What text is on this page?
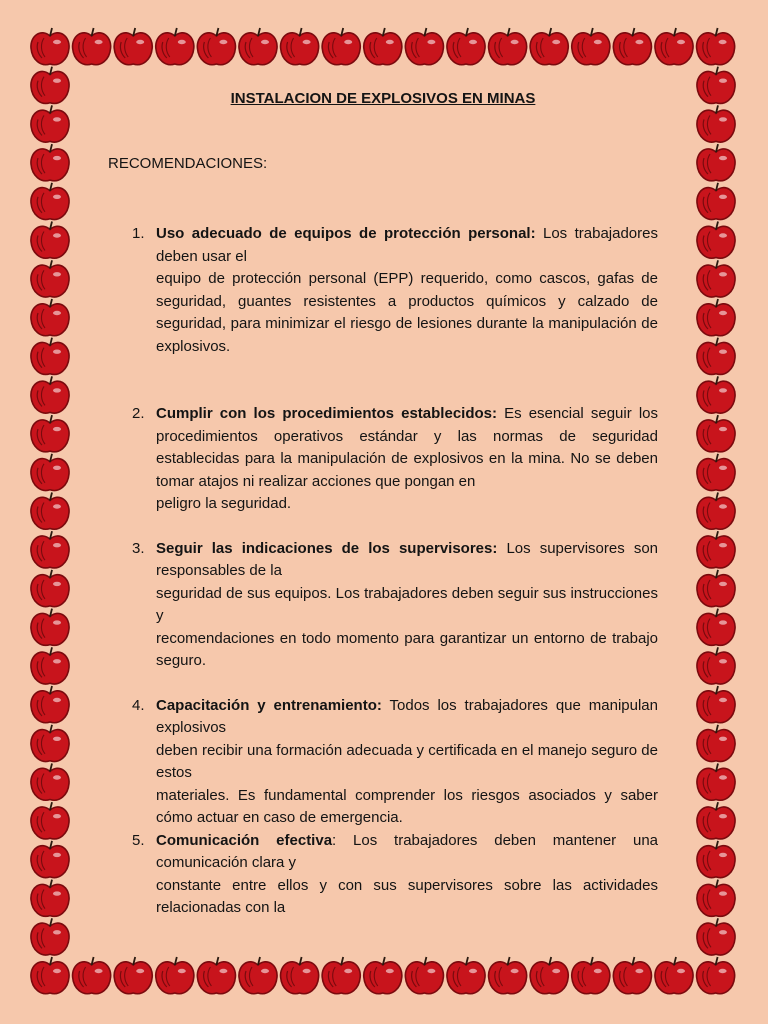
INSTALACION DE EXPLOSIVOS EN MINAS
RECOMENDACIONES:
1. Uso adecuado de equipos de protección personal: Los trabajadores deben usar el

equipo de protección personal (EPP) requerido, como cascos, gafas de seguridad, guantes resistentes a productos químicos y calzado de seguridad, para minimizar el riesgo de lesiones durante la manipulación de explosivos.

2. Cumplir con los procedimientos establecidos: Es esencial seguir los procedimientos operativos estándar y las normas de seguridad establecidas para la manipulación de explosivos en la mina. No se deben tomar atajos ni realizar acciones que pongan en

peligro la seguridad.

3. Seguir las indicaciones de los supervisores: Los supervisores son responsables de la

seguridad de sus equipos. Los trabajadores deben seguir sus instrucciones y

recomendaciones en todo momento para garantizar un entorno de trabajo seguro.

4. Capacitación y entrenamiento: Todos los trabajadores que manipulan explosivos

deben recibir una formación adecuada y certificada en el manejo seguro de estos

materiales. Es fundamental comprender los riesgos asociados y saber cómo actuar en caso de emergencia.

5. Comunicación efectiva: Los trabajadores deben mantener una comunicación clara y

constante entre ellos y con sus supervisores sobre las actividades relacionadas con la
